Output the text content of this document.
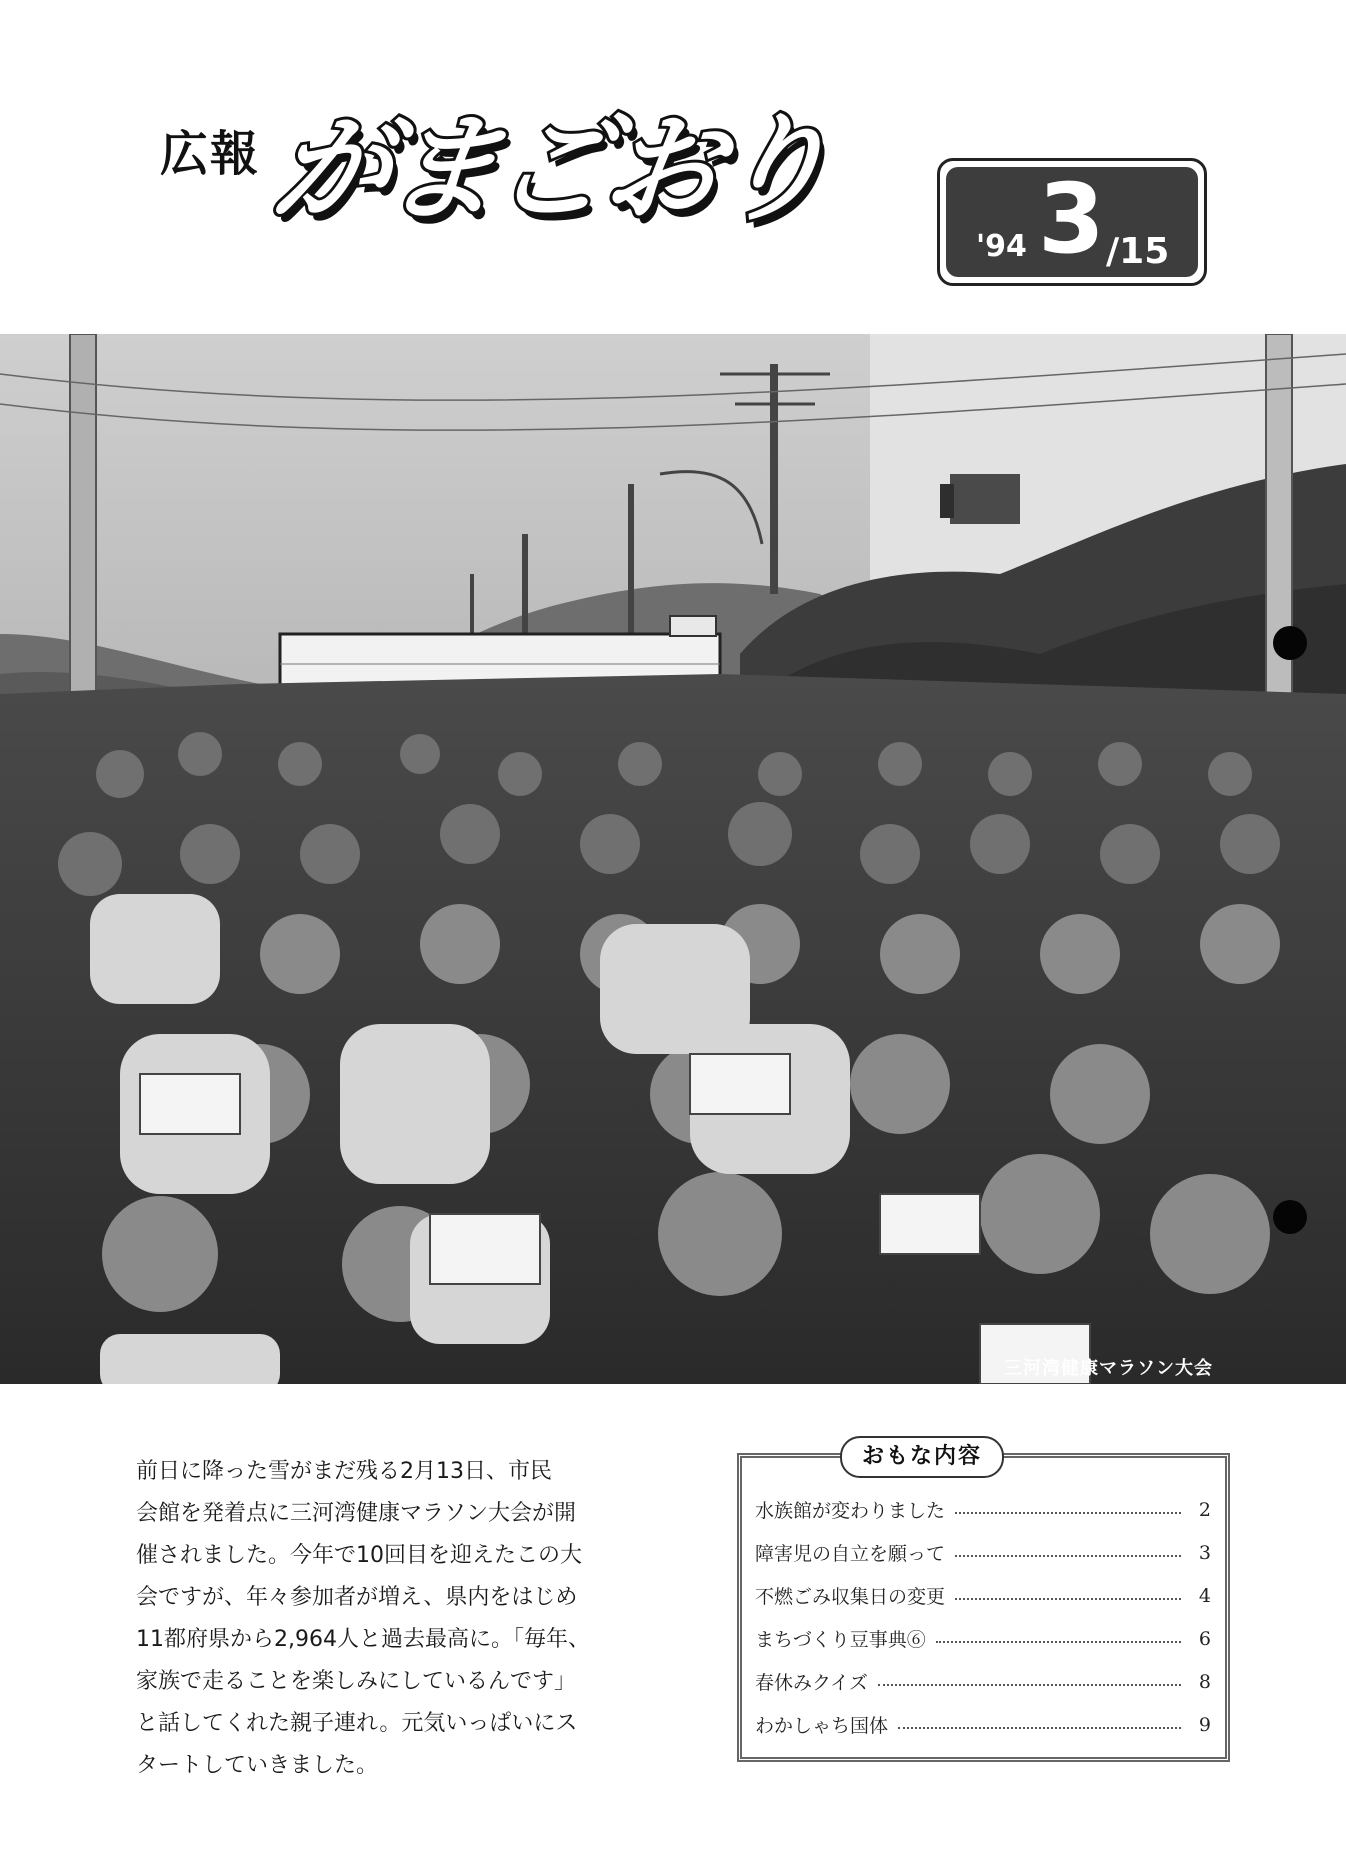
広報 がまごおり
'94 3 /15
三河湾健康マラソン大会

前日に降った雪がまだ残る2月13日、市民
会館を発着点に三河湾健康マラソン大会が開
催されました。今年で10回目を迎えたこの大
会ですが、年々参加者が増え、県内をはじめ
11都府県から2,964人と過去最高に。「毎年、
家族で走ることを楽しみにしているんです」
と話してくれた親子連れ。元気いっぱいにス
タートしていきました。

おもな内容
水族館が変わりました	2
障害児の自立を願って	3
不燃ごみ収集日の変更	4
まちづくり豆事典⑥	6
春休みクイズ	8
わかしゃち国体	9
